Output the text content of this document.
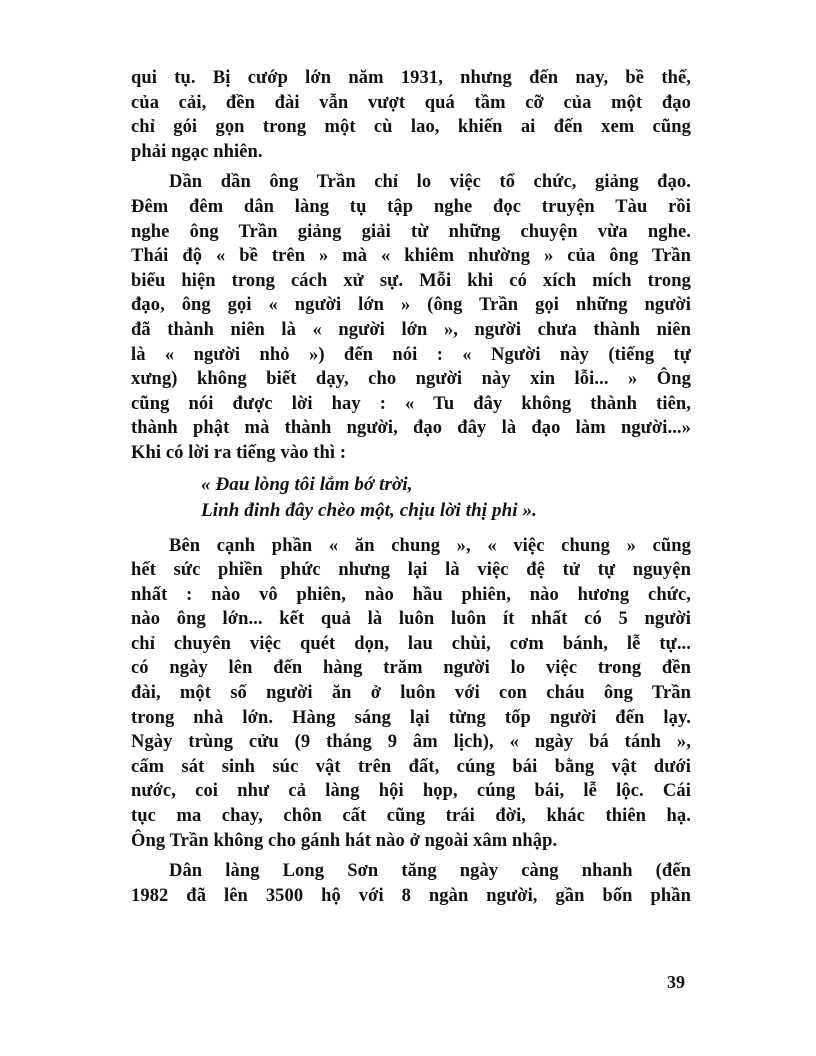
qui tụ. Bị cướp lớn năm 1931, nhưng đến nay, bề thế,
của cải, đền đài vẫn vượt quá tầm cỡ của một đạo
chỉ gói gọn trong một cù lao, khiến ai đến xem cũng
phải ngạc nhiên.
Dần dần ông Trần chỉ lo việc tổ chức, giảng đạo.
Đêm đêm dân làng tụ tập nghe đọc truyện Tàu rồi
nghe ông Trần giảng giải từ những chuyện vừa nghe.
Thái độ « bề trên » mà « khiêm nhường » của ông Trần
biểu hiện trong cách xử sự. Mỗi khi có xích mích trong
đạo, ông gọi « người lớn » (ông Trần gọi những người
đã thành niên là « người lớn », người chưa thành niên
là « người nhỏ ») đến nói : « Người này (tiếng tự
xưng) không biết dạy, cho người này xin lỗi... » Ông
cũng nói được lời hay : « Tu đây không thành tiên,
thành phật mà thành người, đạo đây là đạo làm người...»
Khi có lời ra tiếng vào thì :
« Đau lòng tôi lắm bớ trời,
Linh đinh đây chèo một, chịu lời thị phi ».
Bên cạnh phần « ăn chung », « việc chung » cũng
hết sức phiền phức nhưng lại là việc đệ tử tự nguyện
nhất : nào vô phiên, nào hầu phiên, nào hương chức,
nào ông lớn... kết quả là luôn luôn ít nhất có 5 người
chỉ chuyên việc quét dọn, lau chùi, cơm bánh, lễ tự...
có ngày lên đến hàng trăm người lo việc trong đền
đài, một số người ăn ở luôn với con cháu ông Trần
trong nhà lớn. Hàng sáng lại từng tốp người đến lạy.
Ngày trùng cửu (9 tháng 9 âm lịch), « ngày bá tánh »,
cấm sát sinh súc vật trên đất, cúng bái bằng vật dưới
nước, coi như cả làng hội họp, cúng bái, lễ lộc. Cái
tục ma chay, chôn cất cũng trái đời, khác thiên hạ.
Ông Trần không cho gánh hát nào ở ngoài xâm nhập.
Dân làng Long Sơn tăng ngày càng nhanh (đến
1982 đã lên 3500 hộ với 8 ngàn người, gần bốn phần
39
